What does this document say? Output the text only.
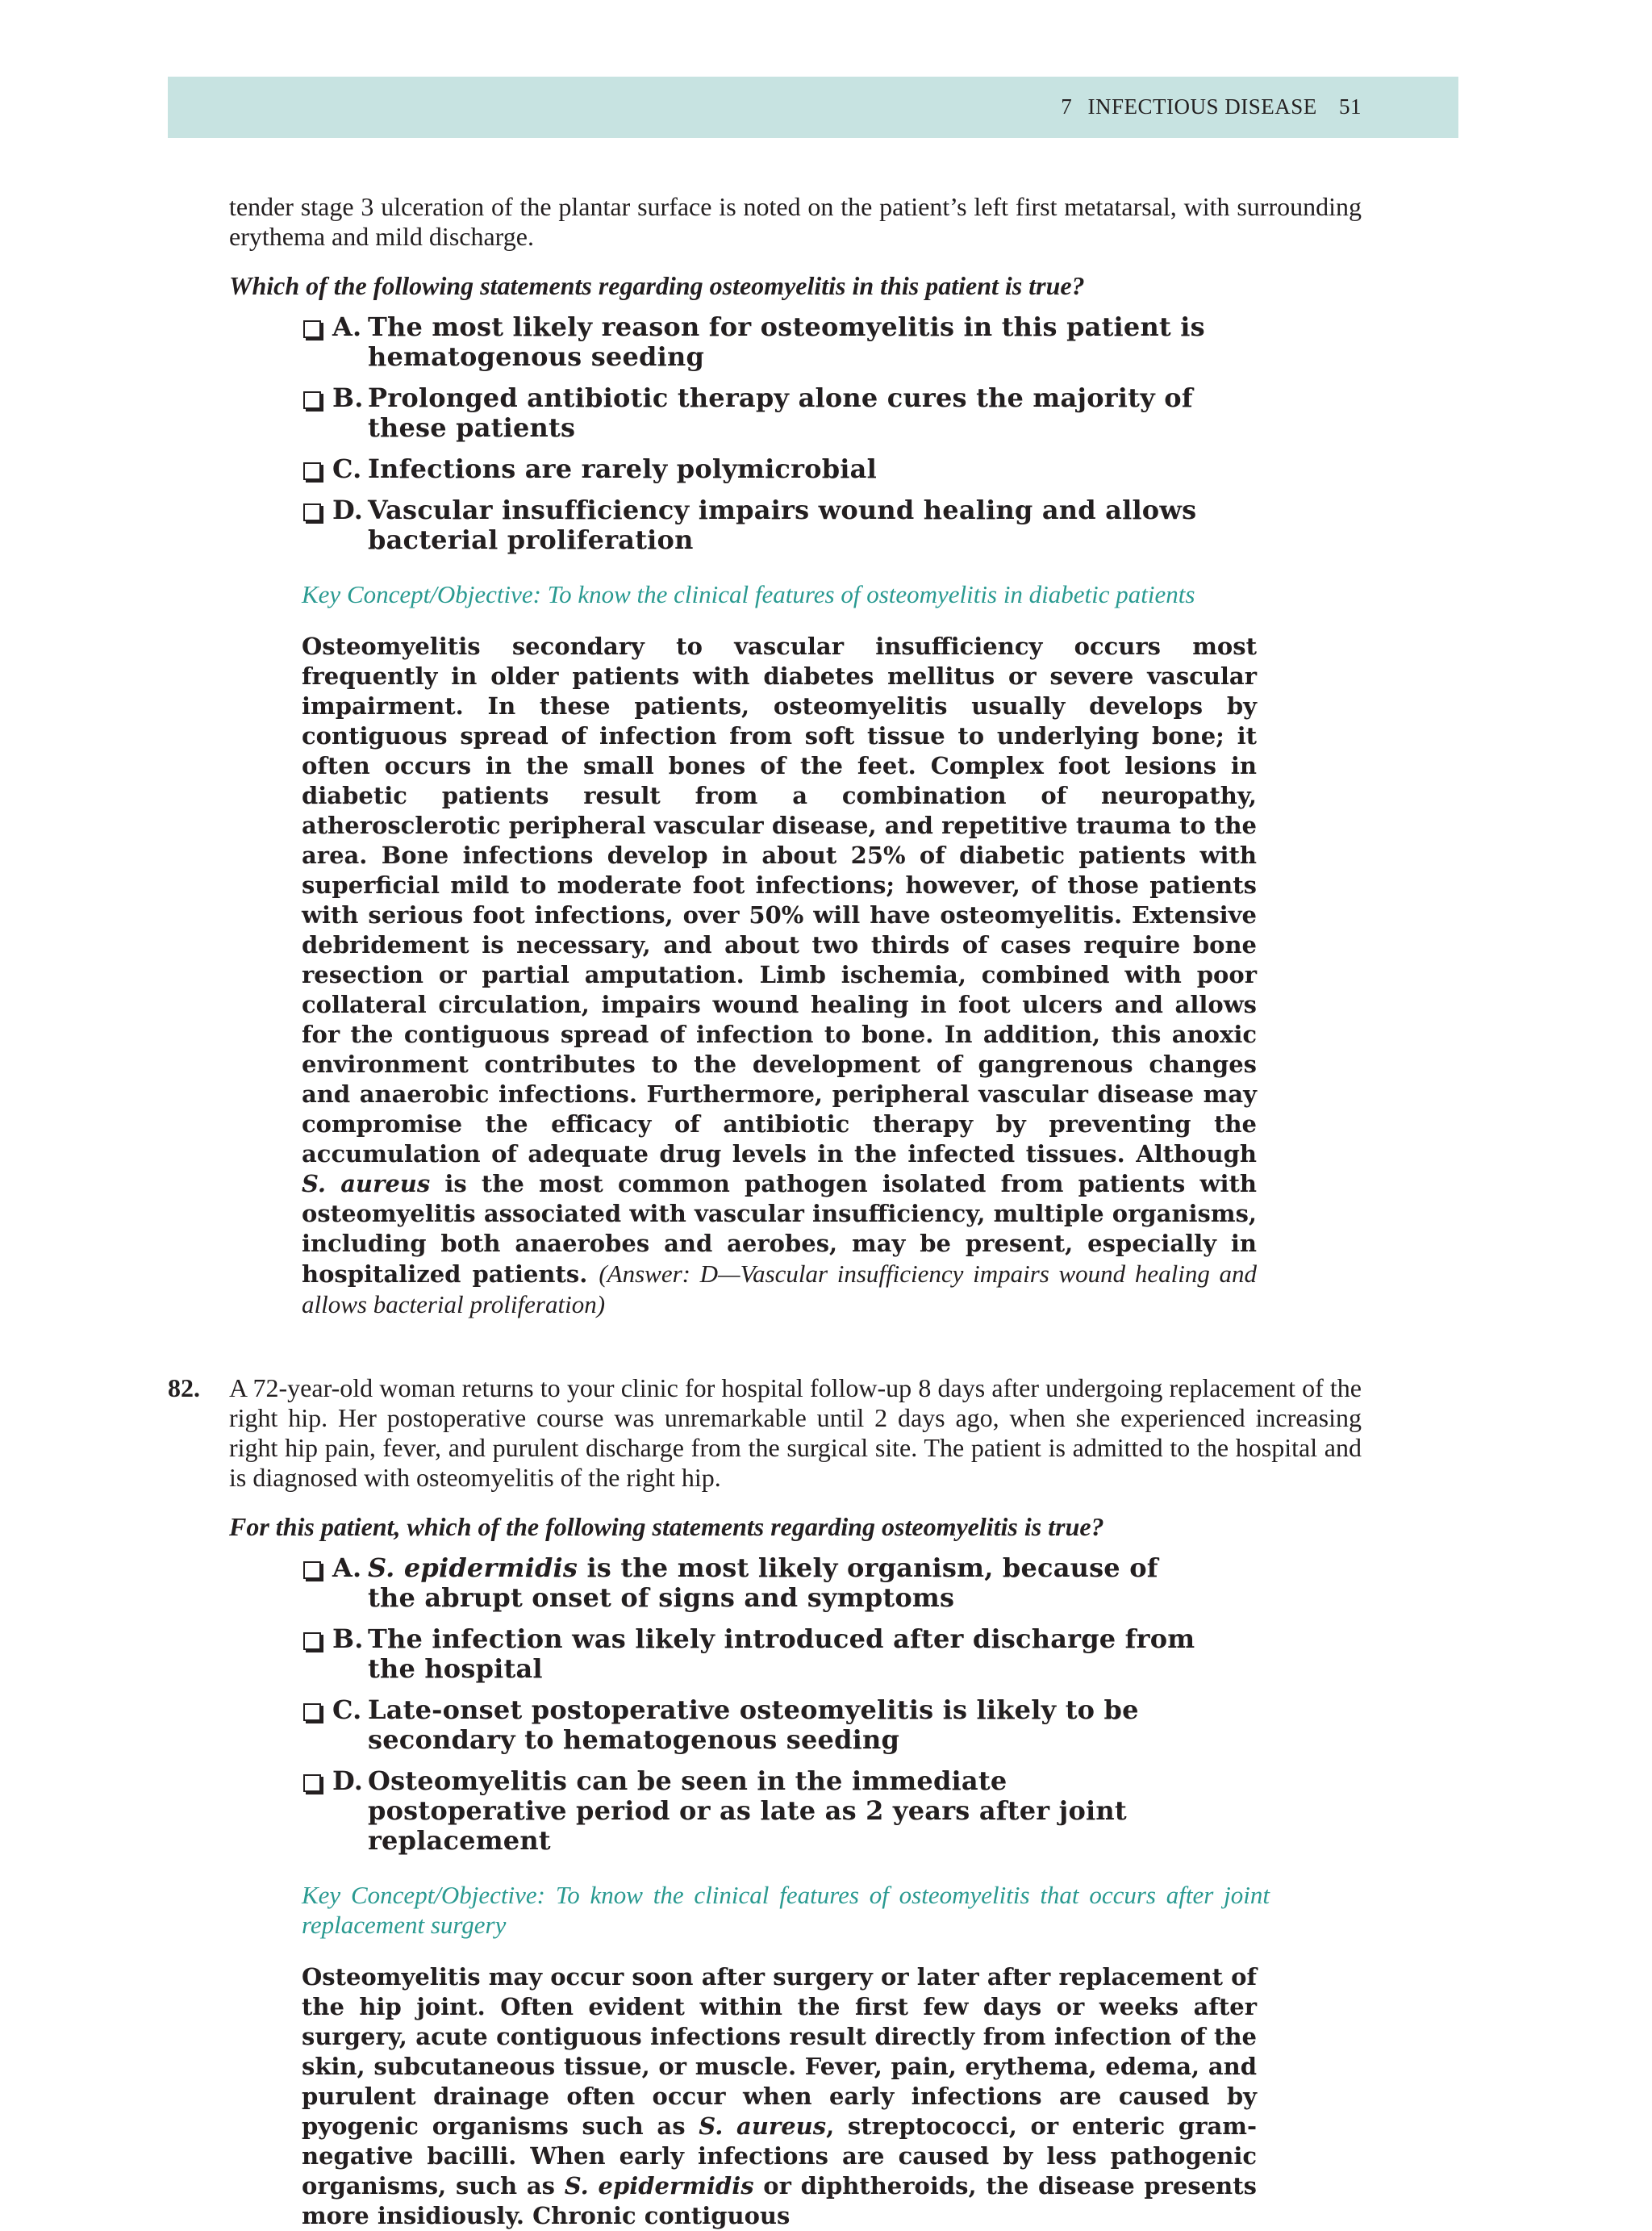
7 INFECTIOUS DISEASE 51

tender stage 3 ulceration of the plantar surface is noted on the patient’s left first metatarsal, with surrounding erythema and mild discharge.

Which of the following statements regarding osteomyelitis in this patient is true?

A. The most likely reason for osteomyelitis in this patient is hematogenous seeding
B. Prolonged antibiotic therapy alone cures the majority of these patients
C. Infections are rarely polymicrobial
D. Vascular insufficiency impairs wound healing and allows bacterial proliferation
Key Concept/Objective: To know the clinical features of osteomyelitis in diabetic patients
Osteomyelitis secondary to vascular insufficiency occurs most frequently in older patients with diabetes mellitus or severe vascular impairment. In these patients, osteomyelitis usually develops by contiguous spread of infection from soft tissue to underlying bone; it often occurs in the small bones of the feet. Complex foot lesions in diabetic patients result from a combination of neuropathy, atherosclerotic peripheral vascular disease, and repetitive trauma to the area. Bone infections develop in about 25% of diabetic patients with superficial mild to moderate foot infections; however, of those patients with serious foot infections, over 50% will have osteomyelitis. Extensive debridement is necessary, and about two thirds of cases require bone resection or partial amputation. Limb ischemia, combined with poor collateral circulation, impairs wound healing in foot ulcers and allows for the contiguous spread of infection to bone. In addition, this anoxic environment contributes to the development of gangrenous changes and anaerobic infections. Furthermore, peripheral vascular disease may compromise the efficacy of antibiotic therapy by preventing the accumulation of adequate drug levels in the infected tissues. Although S. aureus is the most common pathogen isolated from patients with osteomyelitis associated with vascular insufficiency, multiple organisms, including both anaerobes and aerobes, may be present, especially in hospitalized patients. (Answer: D—Vascular insufficiency impairs wound healing and allows bacterial proliferation)
82. A 72-year-old woman returns to your clinic for hospital follow-up 8 days after undergoing replacement of the right hip. Her postoperative course was unremarkable until 2 days ago, when she experienced increasing right hip pain, fever, and purulent discharge from the surgical site. The patient is admitted to the hospital and is diagnosed with osteomyelitis of the right hip.

For this patient, which of the following statements regarding osteomyelitis is true?

A. S. epidermidis is the most likely organism, because of the abrupt onset of signs and symptoms
B. The infection was likely introduced after discharge from the hospital
C. Late-onset postoperative osteomyelitis is likely to be secondary to hematogenous seeding
D. Osteomyelitis can be seen in the immediate postoperative period or as late as 2 years after joint replacement
Key Concept/Objective: To know the clinical features of osteomyelitis that occurs after joint replacement surgery
Osteomyelitis may occur soon after surgery or later after replacement of the hip joint. Often evident within the first few days or weeks after surgery, acute contiguous infections result directly from infection of the skin, subcutaneous tissue, or muscle. Fever, pain, erythema, edema, and purulent drainage often occur when early infections are caused by pyogenic organisms such as S. aureus, streptococci, or enteric gram-negative bacilli. When early infections are caused by less pathogenic organisms, such as S. epidermidis or diphtheroids, the disease presents more insidiously. Chronic contiguous
